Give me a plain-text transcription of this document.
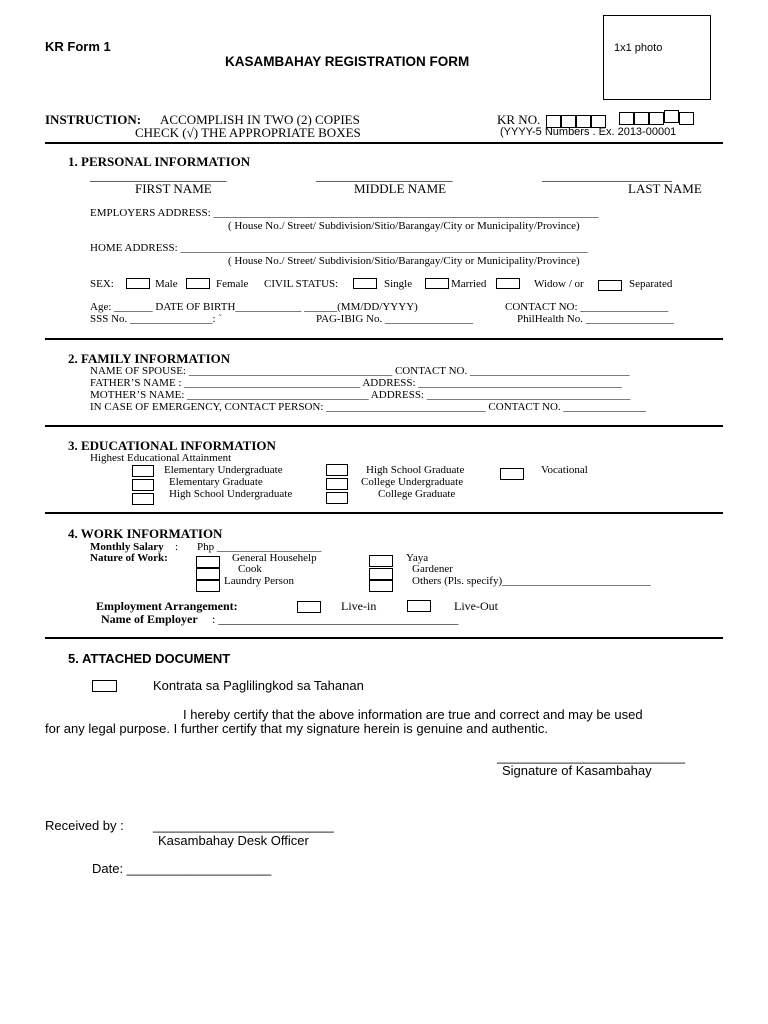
KR Form 1
KASAMBAHAY REGISTRATION FORM
1x1 photo
INSTRUCTION: ACCOMPLISH IN TWO (2) COPIES
CHECK (√) THE APPROPRIATE BOXES
KR NO.
(YYYY-5 Numbers . Ex. 2013-00001
1. PERSONAL INFORMATION
_____________________	_____________________	____________________
FIRST NAME	MIDDLE NAME	LAST NAME
EMPLOYERS ADDRESS: ______________________________________________________________________
( House No./ Street/ Subdivision/Sitio/Barangay/City or Municipality/Province)
HOME ADDRESS: __________________________________________________________________________
( House No./ Street/ Subdivision/Sitio/Barangay/City or Municipality/Province)
SEX:	Male	Female CIVIL STATUS:	Single	Married	Widow / or	Separated
Age: _______ DATE OF BIRTH____________ ______(MM/DD/YYYY)	CONTACT NO: ________________
SSS No. _______________: `	PAG-IBIG No. ________________	PhilHealth No. ________________
2. FAMILY INFORMATION
NAME OF SPOUSE: _____________________________________ CONTACT NO. _____________________________
FATHER’S NAME : ________________________________ ADDRESS: _____________________________________
MOTHER’S NAME: _________________________________ ADDRESS: _____________________________________
IN CASE OF EMERGENCY, CONTACT PERSON: _____________________________ CONTACT NO. _______________
3. EDUCATIONAL INFORMATION
Highest Educational Attainment
Elementary Undergraduate
Elementary Graduate
High School Undergraduate
High School Graduate
College Undergraduate
College Graduate
Vocational
4. WORK INFORMATION
Monthly Salary : Php ___________________
Nature of Work:	General Househelp
Cook
Laundry Person
Yaya
Gardener
Others (Pls. specify)___________________________
Employment Arrangement:	Live-in	Live-Out
Name of Employer : ________________________________________
5. ATTACHED DOCUMENT
Kontrata sa Paglilingkod sa Tahanan
I hereby certify that the above information are true and correct and may be used
for any legal purpose. I further certify that my signature herein is genuine and authentic.
__________________________
Signature of Kasambahay
Received by : _________________________
Kasambahay Desk Officer
Date: ____________________
